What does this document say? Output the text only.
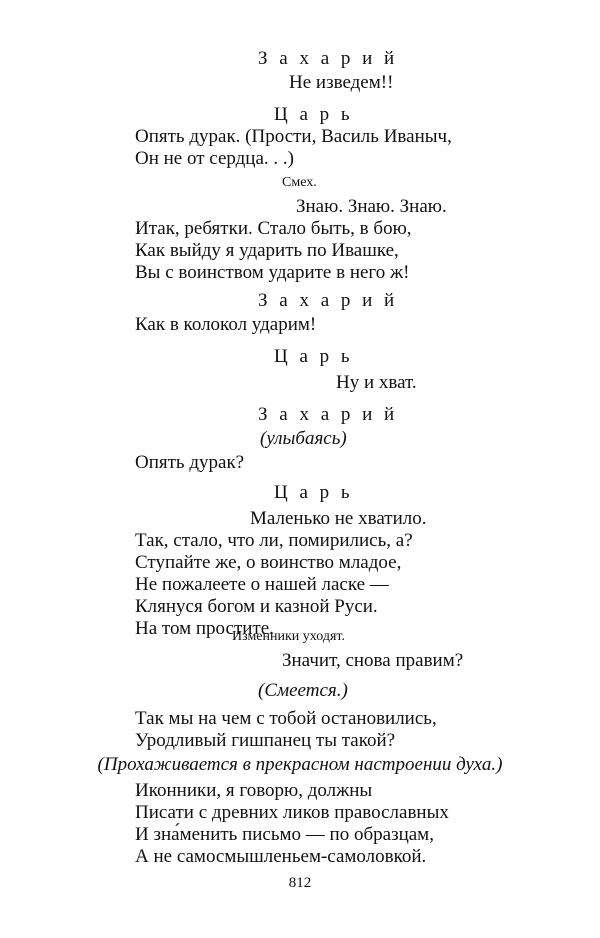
З а х а р и й

Не изведем!!

Ц а р ь

Опять дурак. (Прости, Василь Иваныч,

Он не от сердца. . .)

Смех.

Знаю. Знаю. Знаю.

Итак, ребятки. Стало быть, в бою,

Как выйду я ударить по Ивашке,

Вы с воинством ударите в него ж!

З а х а р и й

Как в колокол ударим!

Ц а р ь

Ну и хват.

З а х а р и й

(улыбаясь)

Опять дурак?

Ц а р ь

Маленько не хватило.

Так, стало, что ли, помирились, а?

Ступайте же, о воинство младое,

Не пожалеете о нашей ласке —

Клянуся богом и казной Руси.

На том простите.

Изменники уходят.

Значит, снова правим?

(Смеется.)

Так мы на чем с тобой остановились,

Уродливый гишпанец ты такой?

(Прохаживается в прекрасном настроении духа.)

Иконники, я говорю, должны

Писати с древних ликов православных

И зна́менить письмо — по образцам,

А не самосмышленьем-самоловкой.

812
